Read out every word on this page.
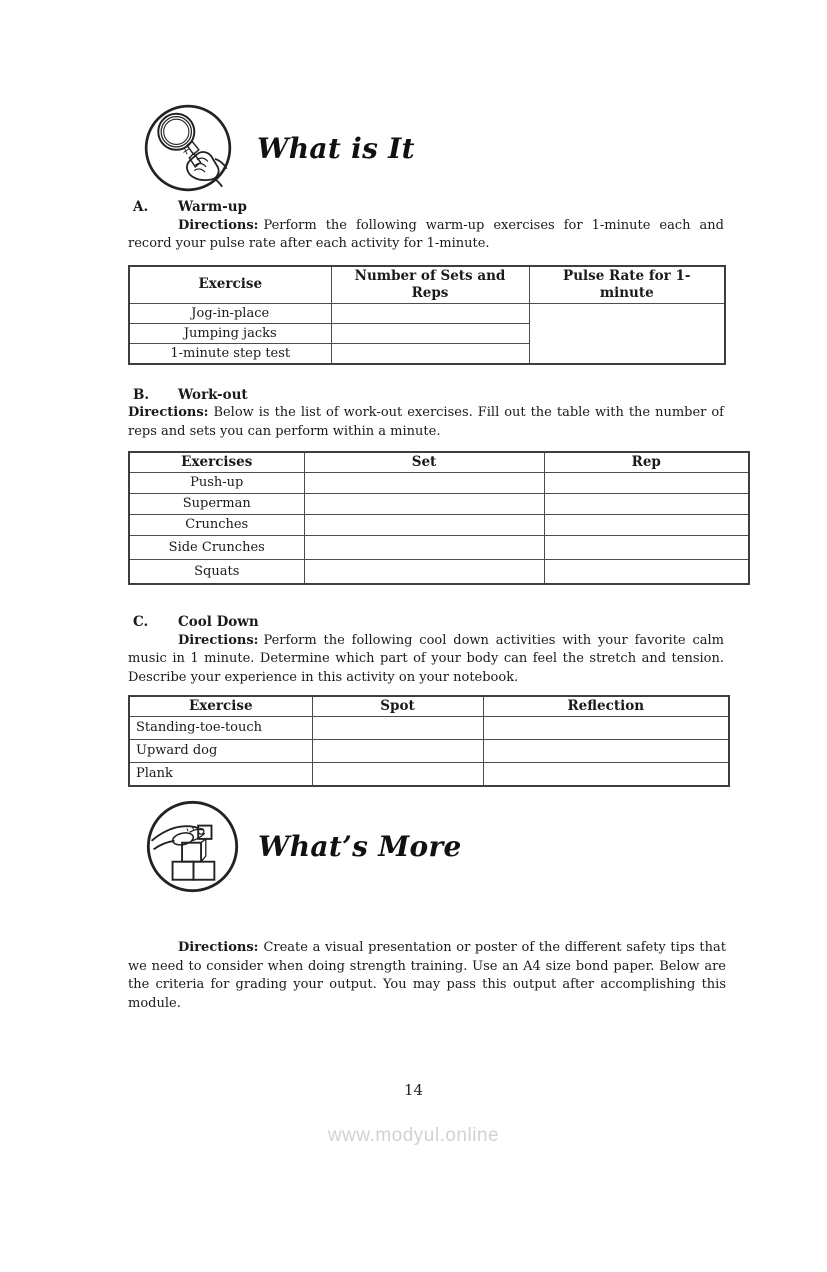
What is It

A. Warm-up

Directions: Perform the following warm-up exercises for 1-minute each and record your pulse rate after each activity for 1-minute.

Exercise	Number of Sets and Reps	Pulse Rate for 1-minute
Jog-in-place		
Jumping jacks		
1-minute step test		

B. Work-out

Directions: Below is the list of work-out exercises. Fill out the table with the number of reps and sets you can perform within a minute.

Exercises	Set	Rep
Push-up		
Superman		
Crunches		
Side Crunches		
Squats		

C. Cool Down

Directions: Perform the following cool down activities with your favorite calm music in 1 minute. Determine which part of your body can feel the stretch and tension. Describe your experience in this activity on your notebook.

Exercise	Spot	Reflection
Standing-toe-touch		
Upward dog		
Plank		
What’s More

Directions: Create a visual presentation or poster of the different safety tips that we need to consider when doing strength training. Use an A4 size bond paper. Below are the criteria for grading your output. You may pass this output after accomplishing this module.

14
www.modyul.online
